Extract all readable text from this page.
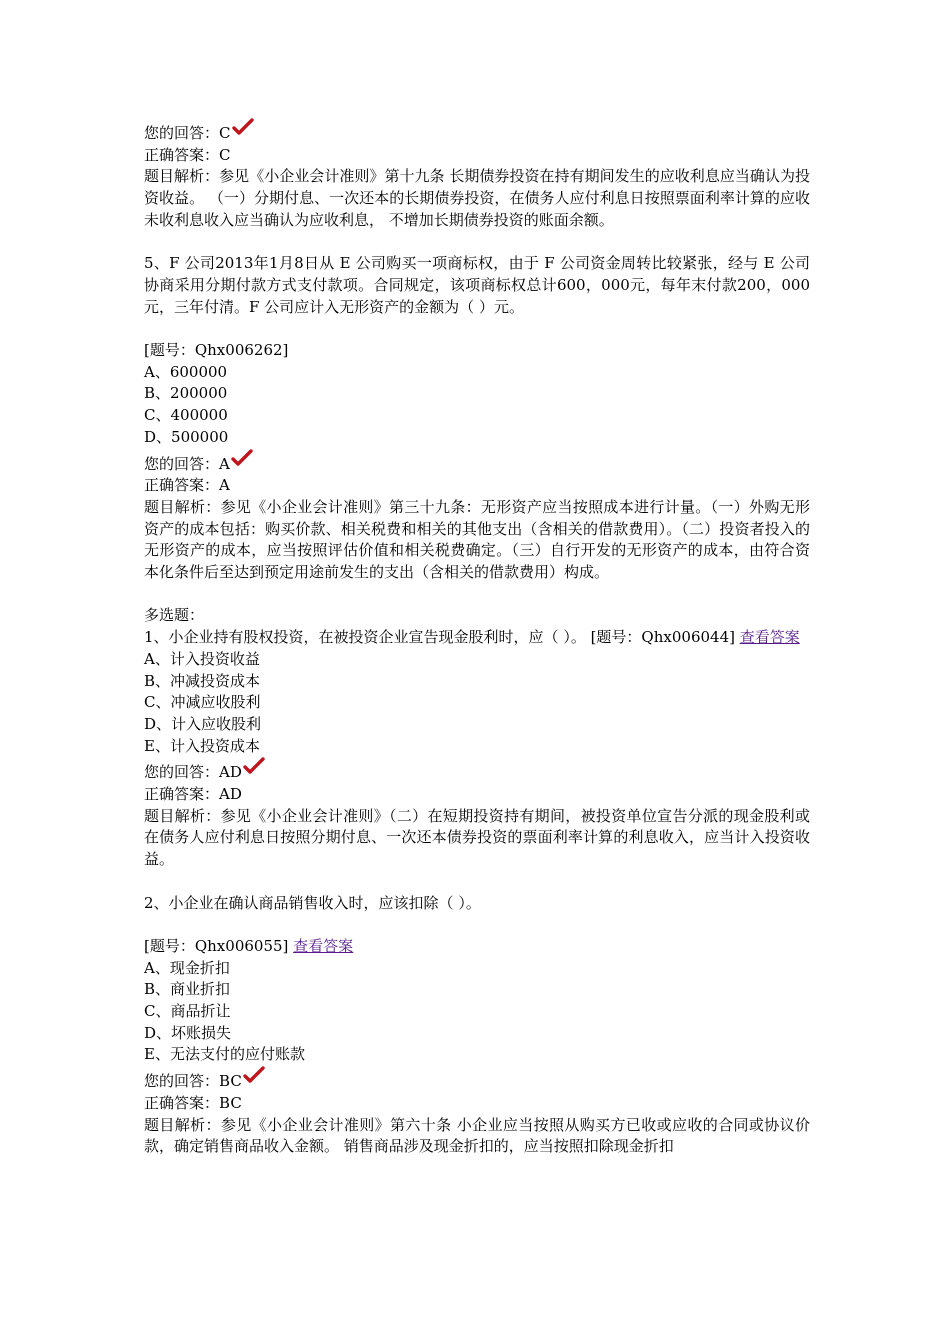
您的回答：C
正确答案：C
题目解析：参见《小企业会计准则》第十九条 长期债券投资在持有期间发生的应收利息应当确认为投资收益。 （一）分期付息、一次还本的长期债券投资，在债务人应付利息日按照票面利率计算的应收未收利息收入应当确认为应收利息， 不增加长期债券投资的账面余额。
5、F 公司2013年1月8日从 E 公司购买一项商标权，由于 F 公司资金周转比较紧张，经与 E 公司协商采用分期付款方式支付款项。合同规定，该项商标权总计600，000元，每年末付款200，000元，三年付清。F 公司应计入无形资产的金额为（ ）元。
[题号：Qhx006262]
A、600000
B、200000
C、400000
D、500000
您的回答：A
正确答案：A
题目解析：参见《小企业会计准则》第三十九条：无形资产应当按照成本进行计量。（一）外购无形资产的成本包括：购买价款、相关税费和相关的其他支出（含相关的借款费用）。（二）投资者投入的无形资产的成本，应当按照评估价值和相关税费确定。（三）自行开发的无形资产的成本，由符合资本化条件后至达到预定用途前发生的支出（含相关的借款费用）构成。
多选题：
1、小企业持有股权投资，在被投资企业宣告现金股利时，应（ ）。 [题号：Qhx006044] 查看答案
A、计入投资收益
B、冲减投资成本
C、冲减应收股利
D、计入应收股利
E、计入投资成本
您的回答：AD
正确答案：AD
题目解析：参见《小企业会计准则》（二）在短期投资持有期间，被投资单位宣告分派的现金股利或在债务人应付利息日按照分期付息、一次还本债券投资的票面利率计算的利息收入，应当计入投资收益。
2、小企业在确认商品销售收入时，应该扣除（ ）。
[题号：Qhx006055] 查看答案
A、现金折扣
B、商业折扣
C、商品折让
D、坏账损失
E、无法支付的应付账款
您的回答：BC
正确答案：BC
题目解析：参见《小企业会计准则》第六十条 小企业应当按照从购买方已收或应收的合同或协议价款，确定销售商品收入金额。 销售商品涉及现金折扣的，应当按照扣除现金折扣
